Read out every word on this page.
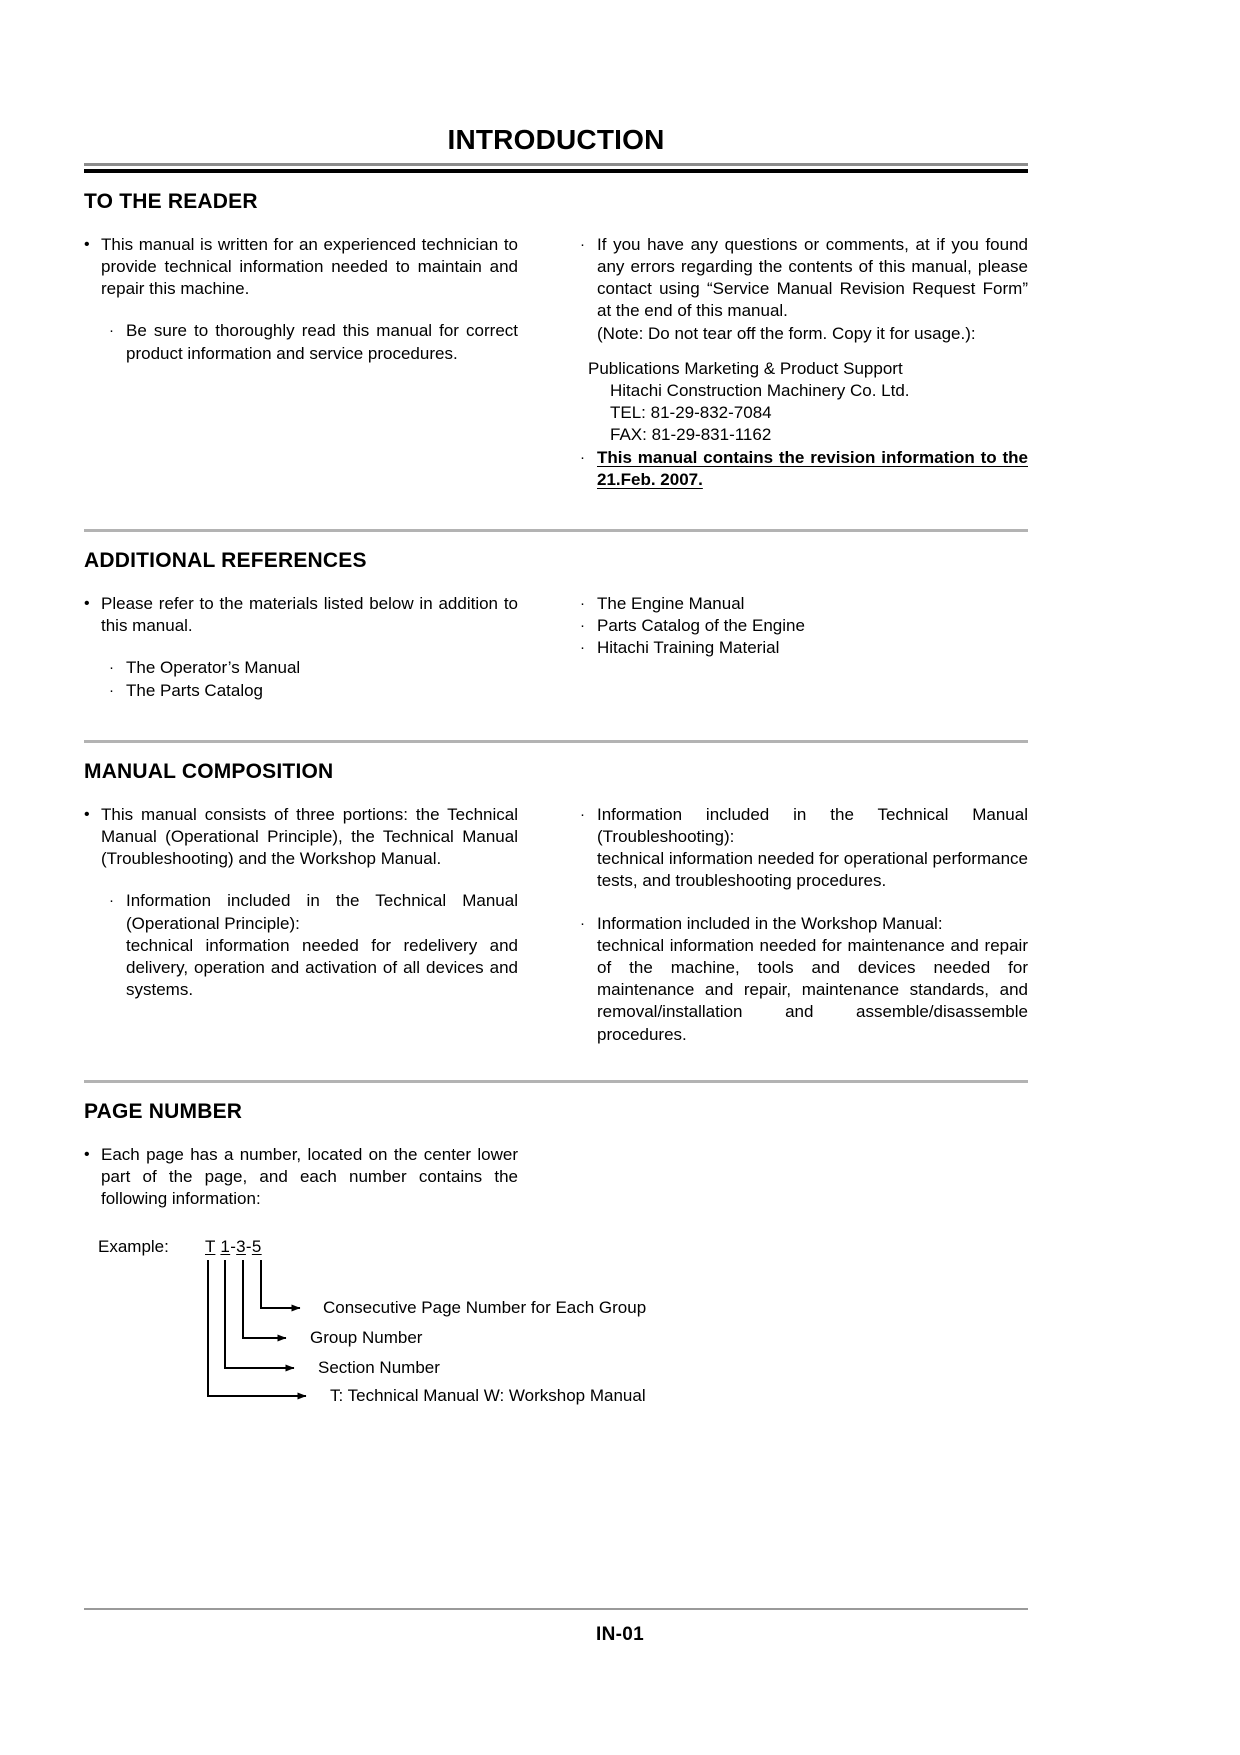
INTRODUCTION
TO THE READER
• This manual is written for an experienced technician to provide technical information needed to maintain and repair this machine.
· Be sure to thoroughly read this manual for correct product information and service procedures.
· If you have any questions or comments, at if you found any errors regarding the contents of this manual, please contact using “Service Manual Revision Request Form” at the end of this manual.
(Note: Do not tear off the form. Copy it for usage.):
Publications Marketing & Product Support
Hitachi Construction Machinery Co. Ltd.
TEL: 81-29-832-7084
FAX: 81-29-831-1162
· This manual contains the revision information to the 21.Feb. 2007.
ADDITIONAL REFERENCES
• Please refer to the materials listed below in addition to this manual.
· The Operator’s Manual
· The Parts Catalog
· The Engine Manual
· Parts Catalog of the Engine
· Hitachi Training Material
MANUAL COMPOSITION
• This manual consists of three portions: the Technical Manual (Operational Principle), the Technical Manual (Troubleshooting) and the Workshop Manual.
· Information included in the Technical Manual (Operational Principle):
technical information needed for redelivery and delivery, operation and activation of all devices and systems.
· Information included in the Technical Manual (Troubleshooting):
technical information needed for operational performance tests, and troubleshooting procedures.
· Information included in the Workshop Manual:
technical information needed for maintenance and repair of the machine, tools and devices needed for maintenance and repair, maintenance standards, and removal/installation and assemble/disassemble procedures.
PAGE NUMBER
• Each page has a number, located on the center lower part of the page, and each number contains the following information:
Example: T 1-3-5
Consecutive Page Number for Each Group
Group Number
Section Number
T: Technical Manual W: Workshop Manual
IN-01
